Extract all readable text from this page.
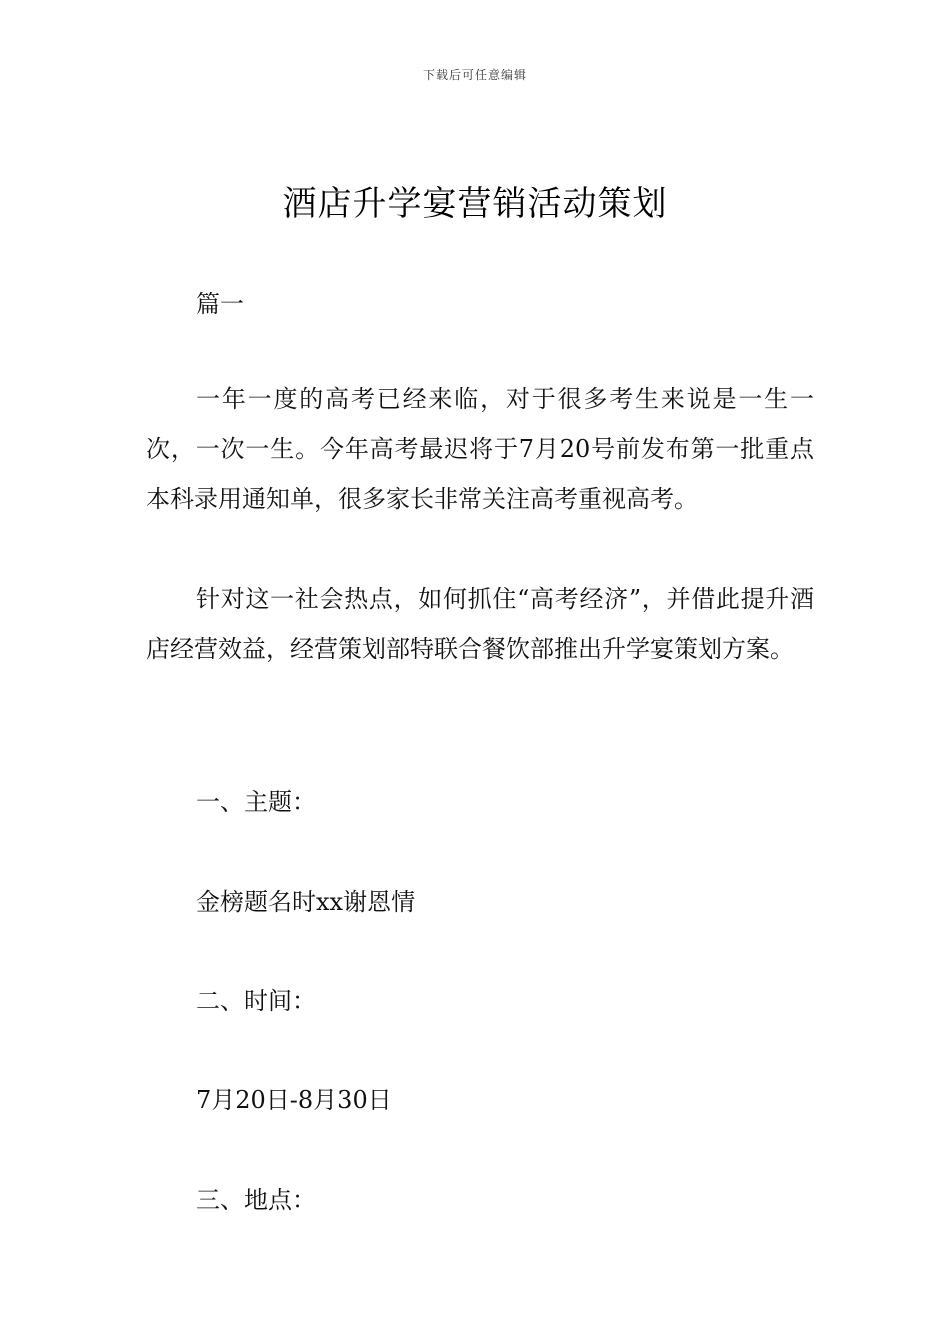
下载后可任意编辑
酒店升学宴营销活动策划
篇一
一年一度的高考已经来临，对于很多考生来说是一生一次，一次一生。今年高考最迟将于7月20号前发布第一批重点本科录用通知单，很多家长非常关注高考重视高考。
针对这一社会热点，如何抓住“高考经济”，并借此提升酒店经营效益，经营策划部特联合餐饮部推出升学宴策划方案。
一、主题：
金榜题名时xx谢恩情
二、时间：
7月20日-8月30日
三、地点：
